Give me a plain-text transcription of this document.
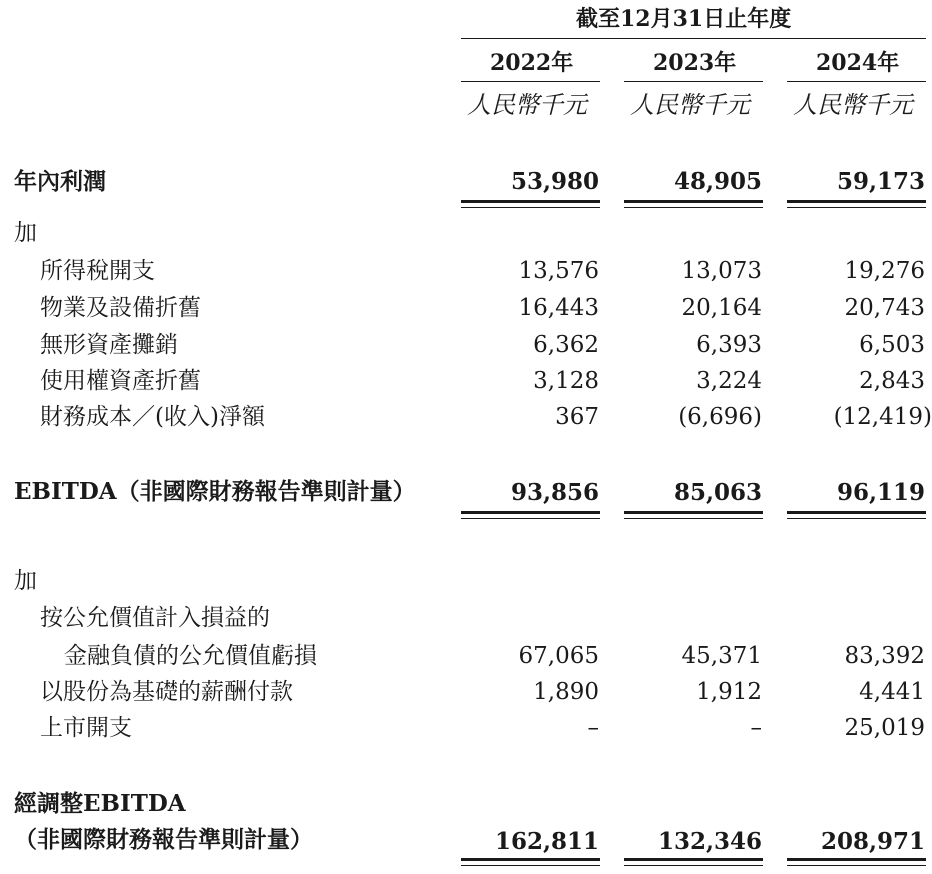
截至12月31日止年度
2022年	2023年	2024年
人民幣千元 人民幣千元 人民幣千元
年內利潤	53,980	48,905	59,173
加
所得稅開支	13,576	13,073	19,276
物業及設備折舊	16,443	20,164	20,743
無形資產攤銷	6,362	6,393	6,503
使用權資產折舊	3,128	3,224	2,843
財務成本／(收入)淨額	367	(6,696)	(12,419)
EBITDA（非國際財務報告準則計量）	93,856	85,063	96,119
加
按公允價值計入損益的
金融負債的公允價值虧損	67,065	45,371	83,392
以股份為基礎的薪酬付款	1,890	1,912	4,441
上市開支	–	–	25,019
經調整EBITDA
（非國際財務報告準則計量）	162,811	132,346	208,971
